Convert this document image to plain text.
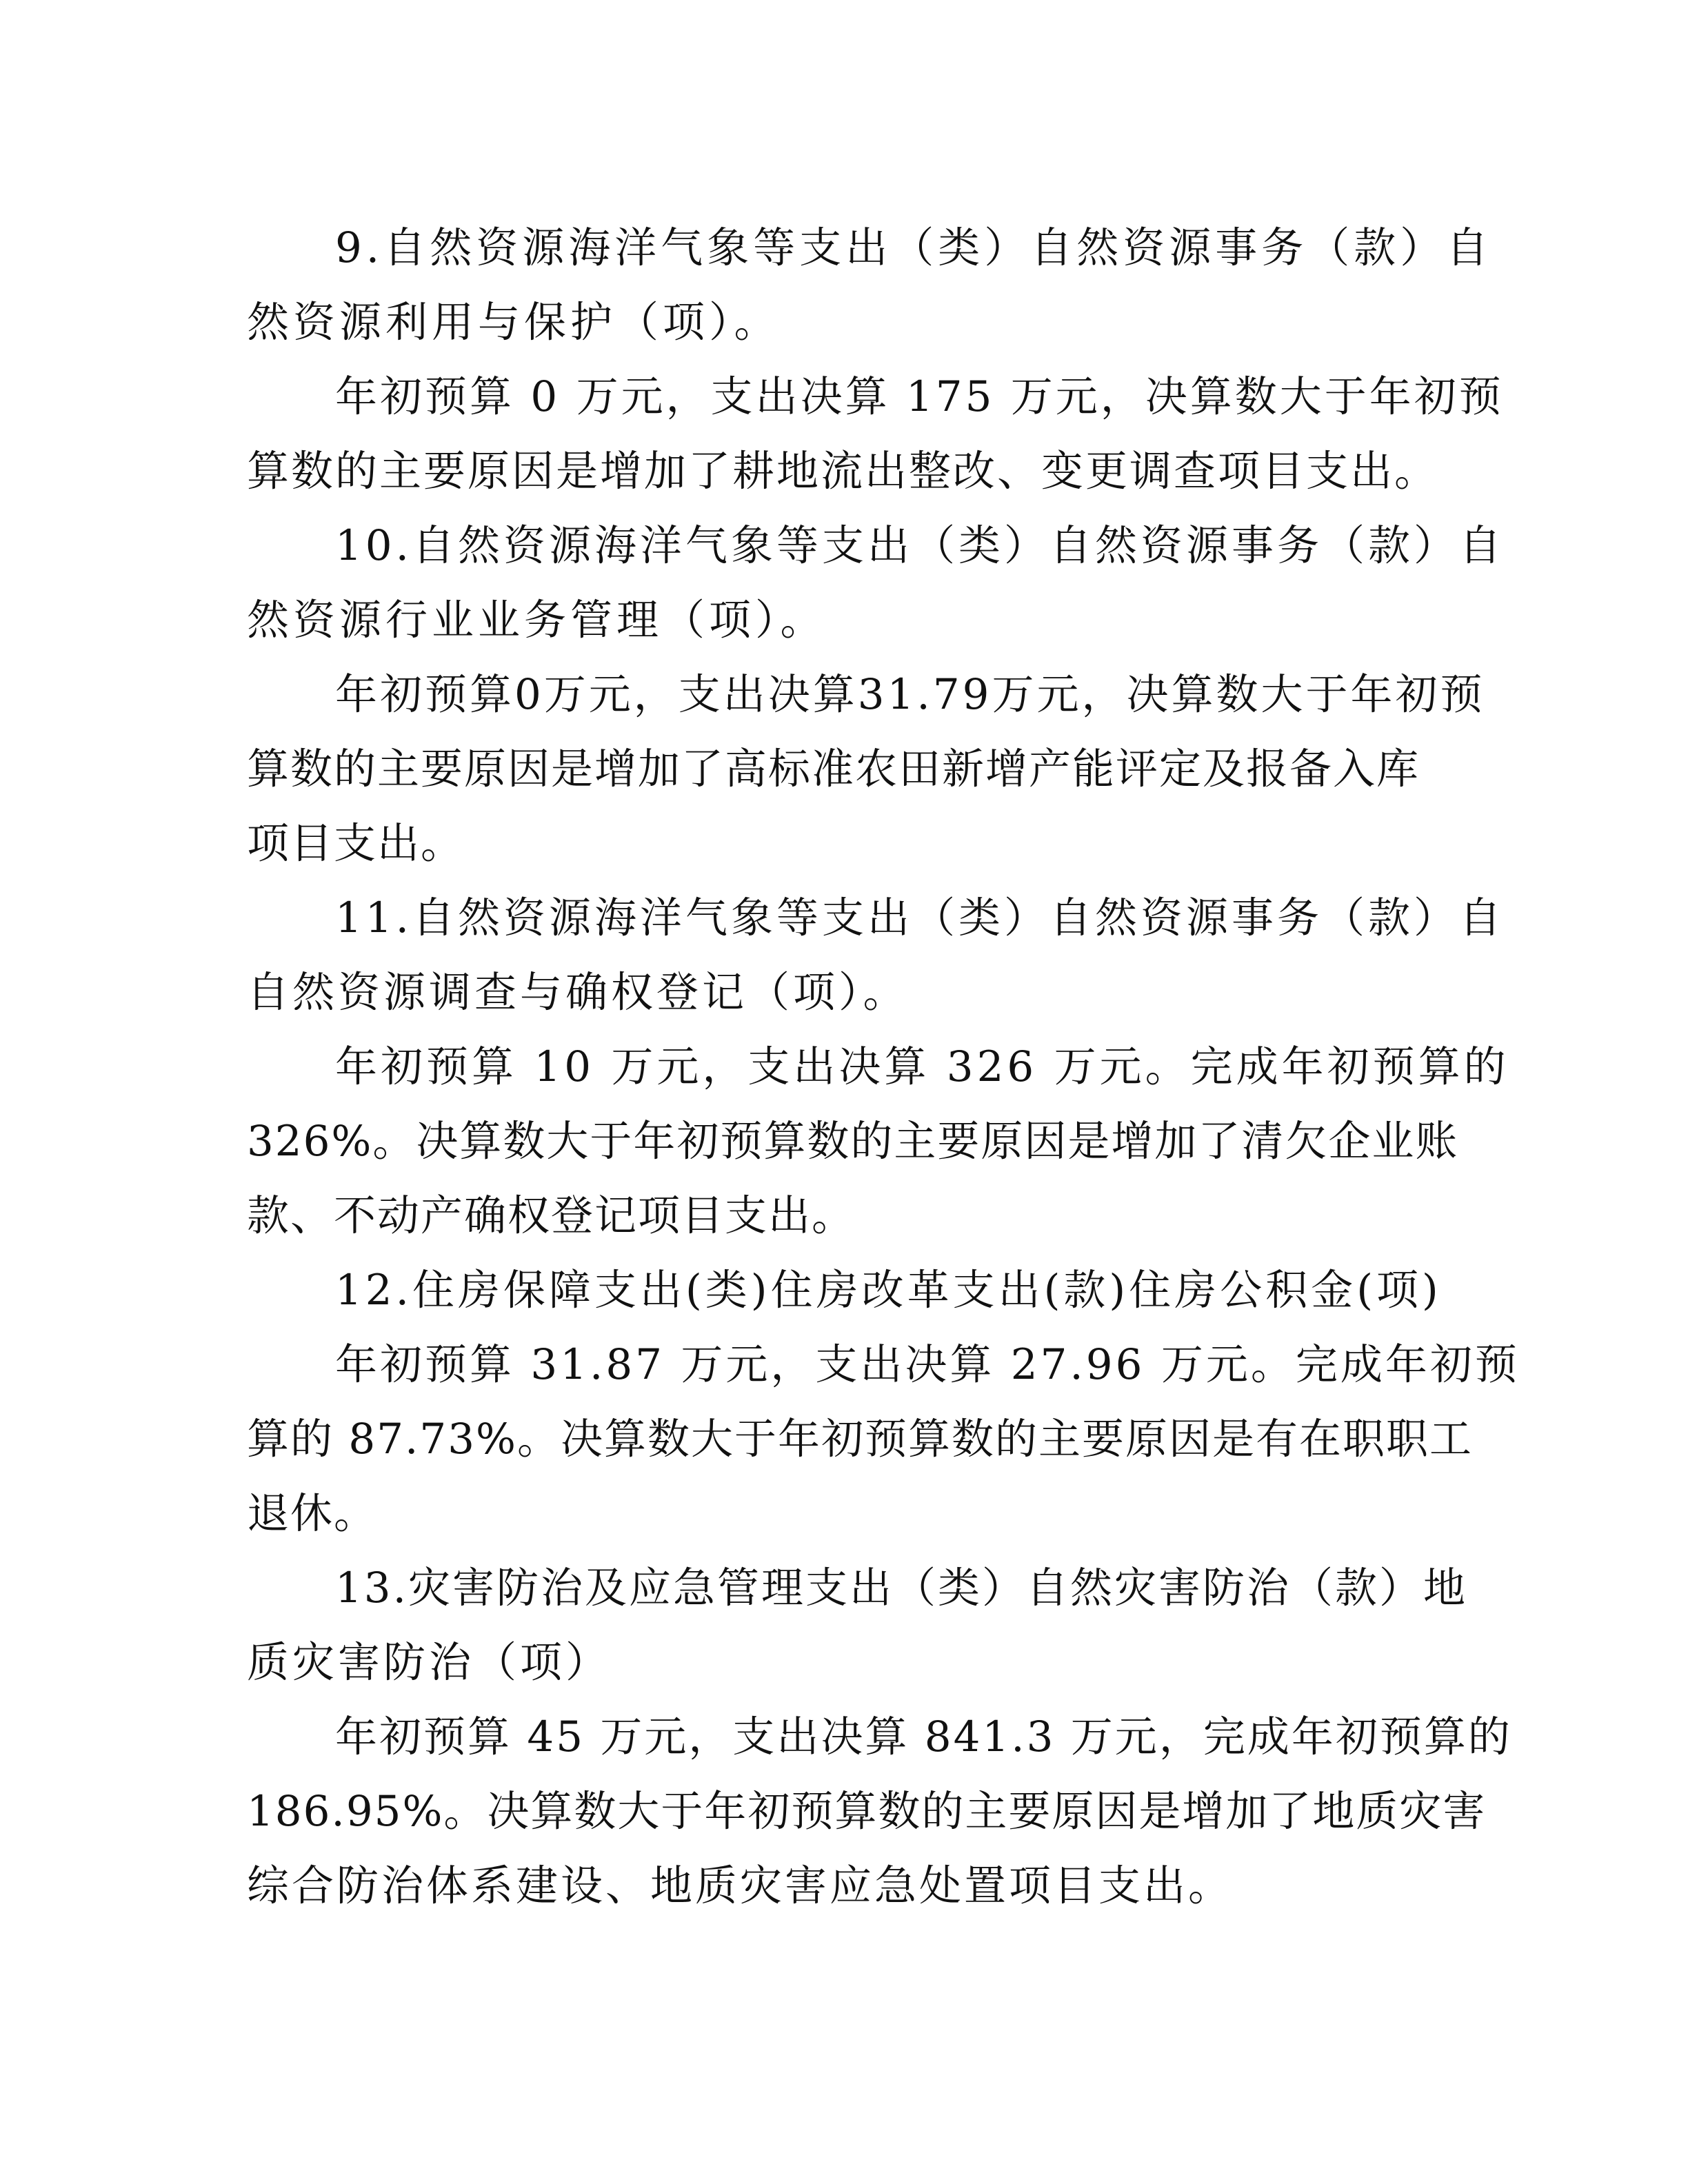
9.自然资源海洋气象等支出（类）自然资源事务（款）自
然资源利用与保护（项）。

年初预算 0 万元，支出决算 175 万元，决算数大于年初预
算数的主要原因是增加了耕地流出整改、变更调查项目支出。

10.自然资源海洋气象等支出（类）自然资源事务（款）自
然资源行业业务管理（项）。

年初预算0万元，支出决算31.79万元，决算数大于年初预
算数的主要原因是增加了高标准农田新增产能评定及报备入库
项目支出。

11.自然资源海洋气象等支出（类）自然资源事务（款）自
自然资源调查与确权登记（项）。

年初预算 10 万元，支出决算 326 万元。完成年初预算的
326%。决算数大于年初预算数的主要原因是增加了清欠企业账
款、不动产确权登记项目支出。

12.住房保障支出(类)住房改革支出(款)住房公积金(项)

年初预算 31.87 万元，支出决算 27.96 万元。完成年初预
算的 87.73%。决算数大于年初预算数的主要原因是有在职职工
退休。

13.灾害防治及应急管理支出（类）自然灾害防治（款）地
质灾害防治（项）

年初预算 45 万元，支出决算 841.3 万元，完成年初预算的
186.95%。决算数大于年初预算数的主要原因是增加了地质灾害
综合防治体系建设、地质灾害应急处置项目支出。
